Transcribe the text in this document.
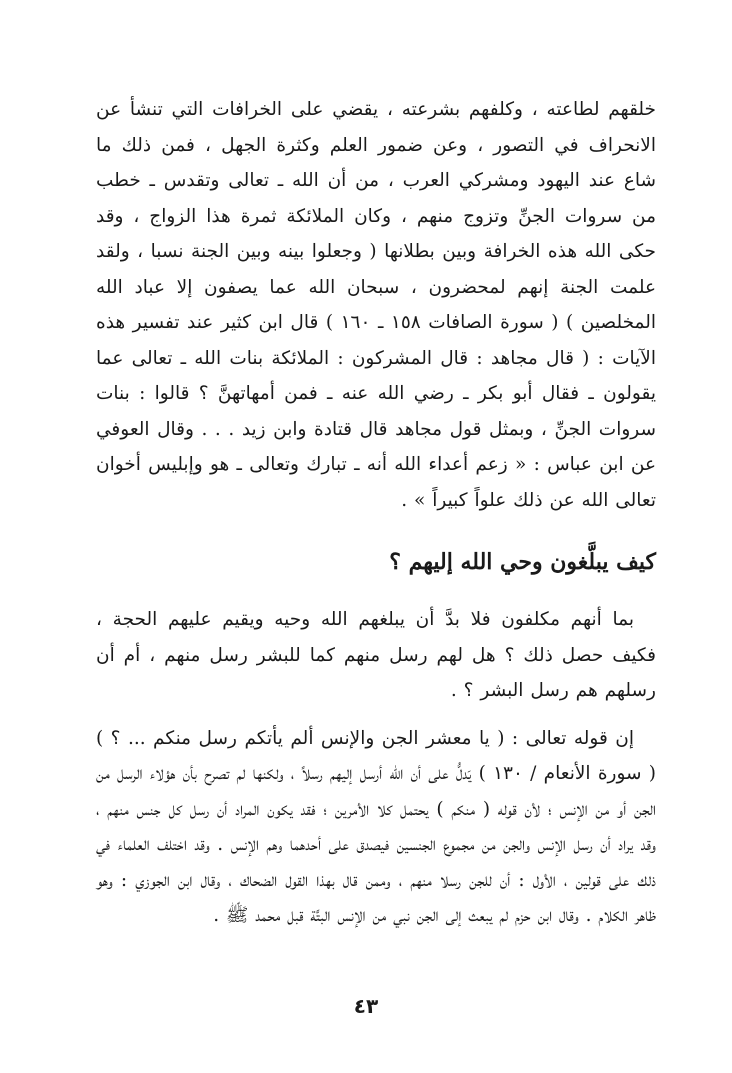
خلقهم لطاعته ، وكلفهم بشرعته ، يقضي على الخرافات التي تنشأ عن الانحراف في التصور ، وعن ضمور العلم وكثرة الجهل ، فمن ذلك ما شاع عند اليهود ومشركي العرب ، من أن الله ـ تعالى وتقدس ـ خطب من سروات الجنِّ وتزوج منهم ، وكان الملائكة ثمرة هذا الزواج ، وقد حكى الله هذه الخرافة وبين بطلانها ( وجعلوا بينه وبين الجنة نسبا ، ولقد علمت الجنة إنهم لمحضرون ، سبحان الله عما يصفون إلا عباد الله المخلصين ) ( سورة الصافات ١٥٨ ـ ١٦٠ ) قال ابن كثير عند تفسير هذه الآيات : ( قال مجاهد : قال المشركون : الملائكة بنات الله ـ تعالى عما يقولون ـ فقال أبو بكر ـ رضي الله عنه ـ فمن أمهاتهنَّ ؟ قالوا : بنات سروات الجنِّ ، وبمثل قول مجاهد قال قتادة وابن زيد . . . وقال العوفي عن ابن عباس : « زعم أعداء الله أنه ـ تبارك وتعالى ـ هو وإبليس أخوان تعالى الله عن ذلك علواً كبيراً » .

كيف يبلَّغون وحي الله إليهم ؟

بما أنهم مكلفون فلا بدَّ أن يبلغهم الله وحيه ويقيم عليهم الحجة ، فكيف حصل ذلك ؟ هل لهم رسل منهم كما للبشر رسل منهم ، أم أن رسلهم هم رسل البشر ؟ .

إن قوله تعالى : ( يا معشر الجن والإنس ألم يأتكم رسل منكم ... ؟ ) ( سورة الأنعام / ١٣٠ ) يَدلُّ على أن الله أرسل إليهم رسلاً ، ولكنها لم تصرح بأن هؤلاء الرسل من الجن أو من الإنس ؛ لأن قوله ( منكم ) يحتمل كلا الأمرين ؛ فقد يكون المراد أن رسل كل جنس منهم ، وقد يراد أن رسل الإنس والجن من مجموع الجنسين فيصدق على أحدهما وهم الإنس . وقد اختلف العلماء في ذلك على قولين ، الأول : أن للجن رسلا منهم ، وممن قال بهذا القول الضحاك ، وقال ابن الجوزي : وهو ظاهر الكلام . وقال ابن حزم لم يبعث إلى الجن نبي من الإنس البتَّة قبل محمد ﷺ .

٤٣
